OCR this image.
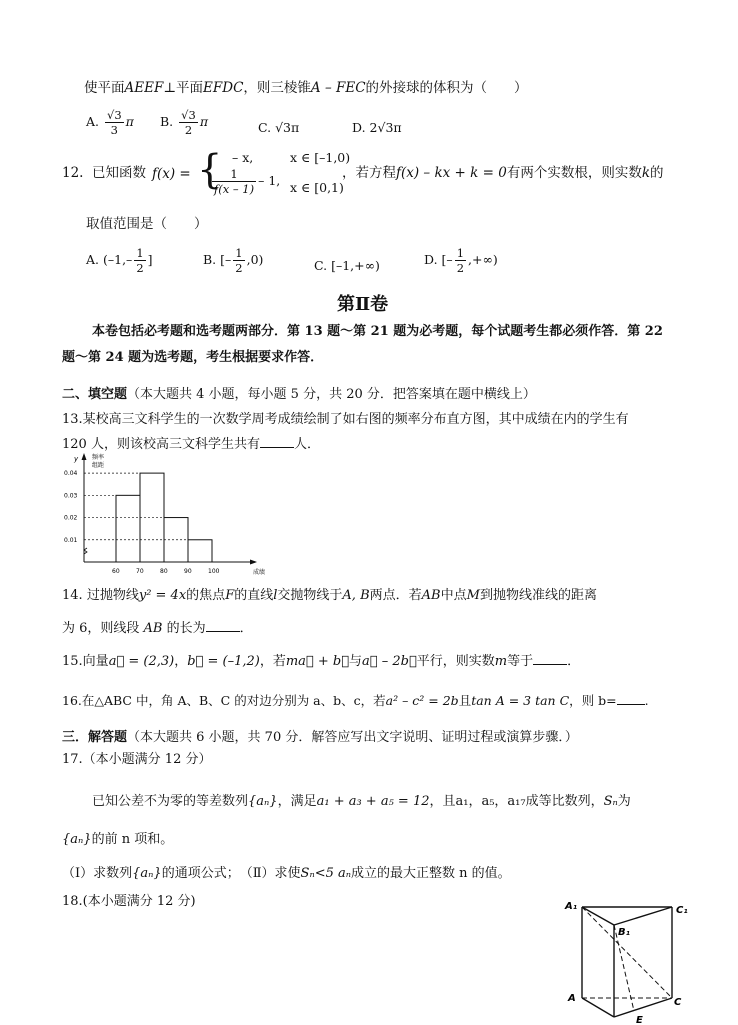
使平面AEEF⊥平面EFDC，则三棱锥A – FEC的外接球的体积为（　　）
A. $\frac{√3}{3}$ π B. $\frac{√3}{2}$ π	C. √3π	D. 2√3π
12. 已知函数 f(x) = { – x,	x ∈ [–1,0)
$\frac{1}{f(x - 1)} - 1$, x ∈ [0,1)
，若方程f(x) – kx + k = 0有两个实数根，则实数k的
取值范围是（　　）
A. ($-1,- \frac{1}{2}$ ]	B. [– $\frac{1}{2} ,0$)	C. [–1,+∞)	D. [– $\frac{1}{2}$ ,+∞)
第Ⅱ卷
本卷包括必考题和选考题两部分．第 13 题～第 21 题为必考题，每个试题考生都必须作答．第 22
题～第 24 题为选考题，考生根据要求作答．
二、填空题（本大题共 4 小题，每小题 5 分，共 20 分．把答案填在题中横线上）
13.某校高三文科学生的一次数学周考成绩绘制了如右图的频率分布直方图，其中成绩在内的学生有
120 人，则该校高三文科学生共有	人．
y 频率
组距
成绩
0.04
0.03
0.02
0.01
60	70	80	90	100
14. 过抛物线y² = 4x的焦点F的直线l交抛物线于A, B两点．若AB中点M到抛物线准线的距离
为 6，则线段 AB 的长为	．
15.向量a⃗ = (2,3)，b⃗ = (–1,2)，若ma⃗ + b⃗与a⃗ – 2b⃗平行，则实数m等于	．
16.在△ABC 中，角 A、B、C 的对边分别为 a、b、c，若a² – c² = 2b且tan A = 3 tan C，则 b= .
三．解答题（本大题共 6 小题，共 70 分．解答应写出文字说明、证明过程或演算步骤．）
17.（本小题满分 12 分）
已知公差不为零的等差数列{aₙ}，满足a₁ + a₃ + a₅ = 12，且a₁，a₅，a₁₇成等比数列，Sₙ为
{aₙ}的前 n 项和。
（Ⅰ）求数列{aₙ}的通项公式；　（Ⅱ）求使Sₙ<5 aₙ成立的最大正整数 n 的值。
18.(本小题满分 12 分)	A₁
B₁
C₁
A	C
E
